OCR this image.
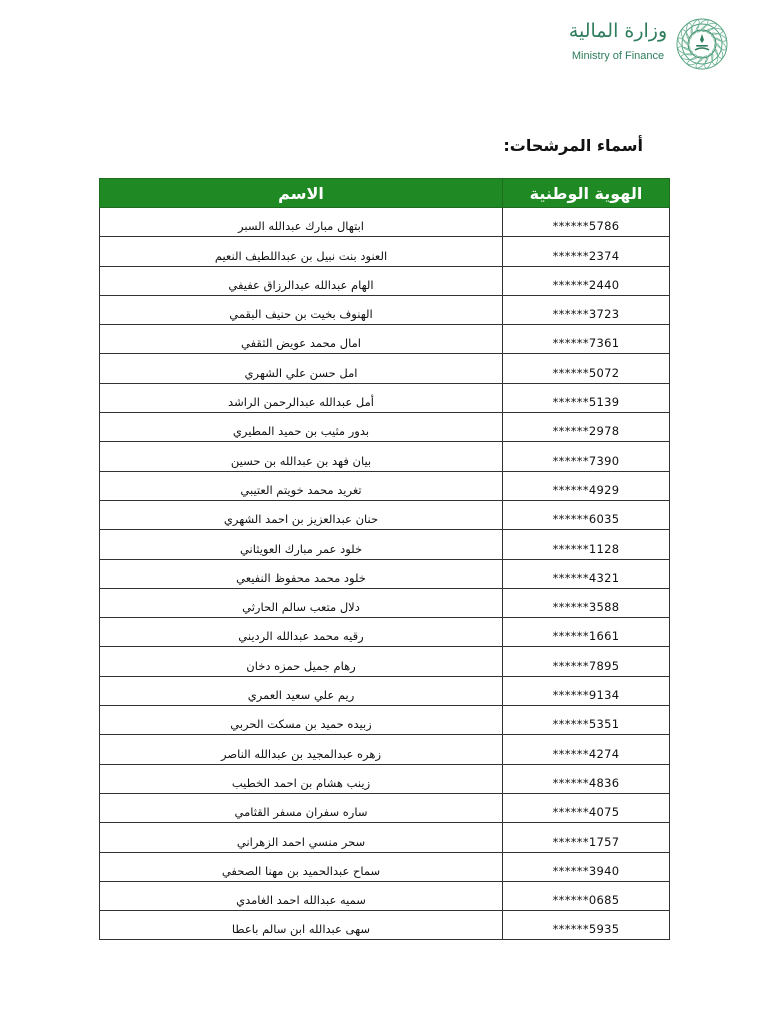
وزارة المالية
Ministry of Finance
أسماء المرشحات:
الاسم	الهوية الوطنية
ابتهال مبارك عبدالله السبر	******5786
العنود بنت نبيل بن عبداللطيف النعيم	******2374
الهام عبدالله عبدالرزاق عفيفي	******2440
الهنوف بخيت بن حنيف البقمي	******3723
امال محمد عويض الثقفي	******7361
امل حسن علي الشهري	******5072
أمل عبدالله عبدالرحمن الراشد	******5139
بدور مثيب بن حميد المطيري	******2978
بيان فهد بن عبدالله بن حسين	******7390
تغريد محمد خويتم العتيبي	******4929
حنان عبدالعزيز بن احمد الشهري	******6035
خلود عمر مبارك العويثاني	******1128
خلود محمد محفوظ النفيعي	******4321
دلال متعب سالم الحارثي	******3588
رقيه محمد عبدالله الرديني	******1661
رهام جميل حمزه دخان	******7895
ريم علي سعيد العمري	******9134
زبيده حميد بن مسكت الحربي	******5351
زهره عبدالمجيد بن عبدالله الناصر	******4274
زينب هشام بن احمد الخطيب	******4836
ساره سفران مسفر القثامي	******4075
سحر منسي احمد الزهراني	******1757
سماح عبدالحميد بن مهنا الصحفي	******3940
سميه عبدالله احمد الغامدي	******0685
سهى عبدالله ابن سالم باعطا	******5935
